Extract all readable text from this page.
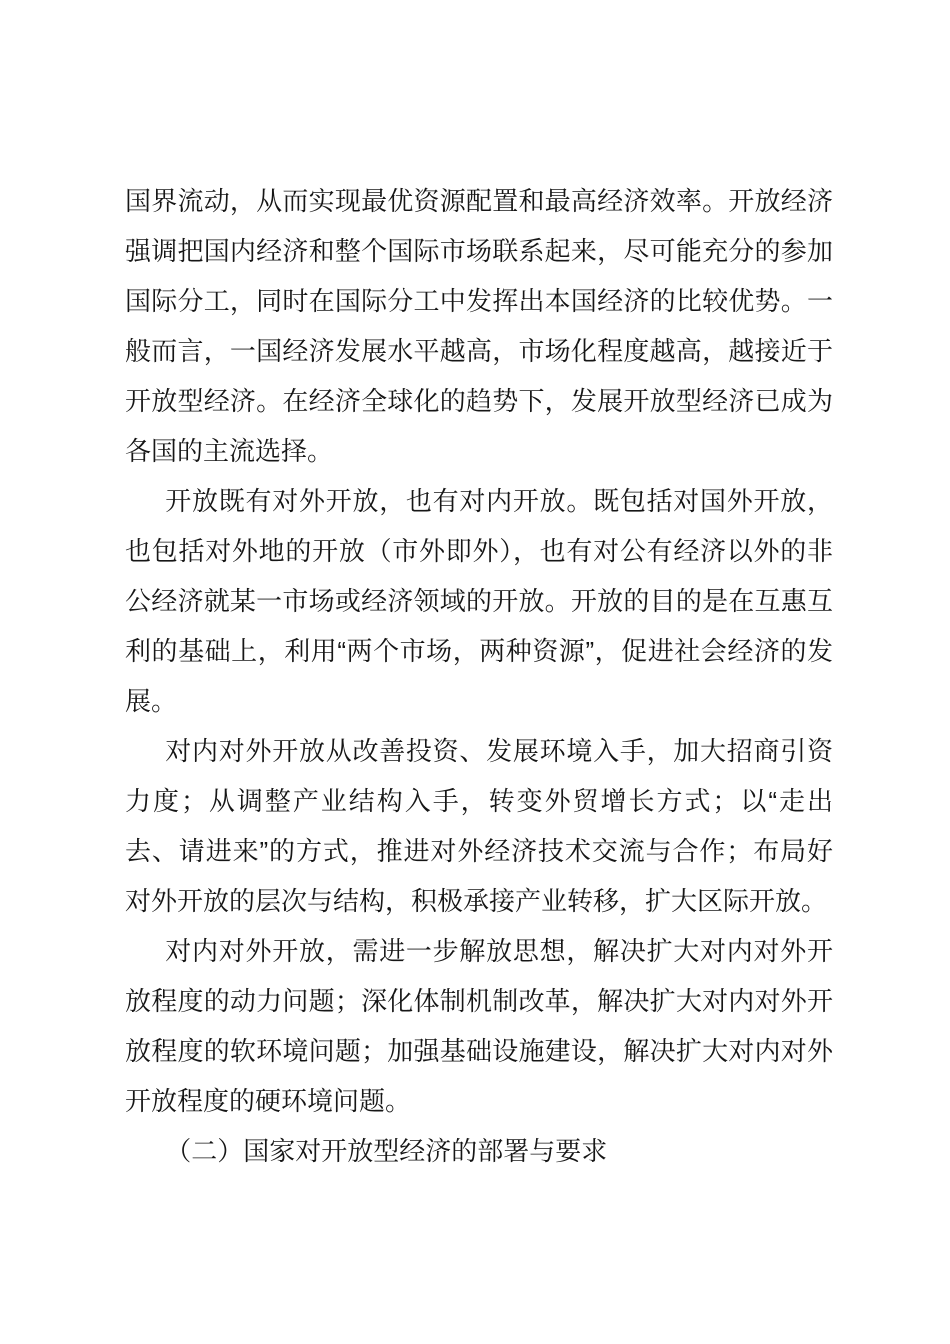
国界流动，从而实现最优资源配置和最高经济效率。开放经济强调把国内经济和整个国际市场联系起来，尽可能充分的参加国际分工，同时在国际分工中发挥出本国经济的比较优势。一般而言，一国经济发展水平越高，市场化程度越高，越接近于开放型经济。在经济全球化的趋势下，发展开放型经济已成为各国的主流选择。

开放既有对外开放，也有对内开放。既包括对国外开放，也包括对外地的开放（市外即外），也有对公有经济以外的非公经济就某一市场或经济领域的开放。开放的目的是在互惠互利的基础上，利用“两个市场，两种资源”，促进社会经济的发展。

对内对外开放从改善投资、发展环境入手，加大招商引资力度；从调整产业结构入手，转变外贸增长方式；以“走出去、请进来”的方式，推进对外经济技术交流与合作；布局好对外开放的层次与结构，积极承接产业转移，扩大区际开放。

对内对外开放，需进一步解放思想，解决扩大对内对外开放程度的动力问题；深化体制机制改革，解决扩大对内对外开放程度的软环境问题；加强基础设施建设，解决扩大对内对外开放程度的硬环境问题。

（二）国家对开放型经济的部署与要求
